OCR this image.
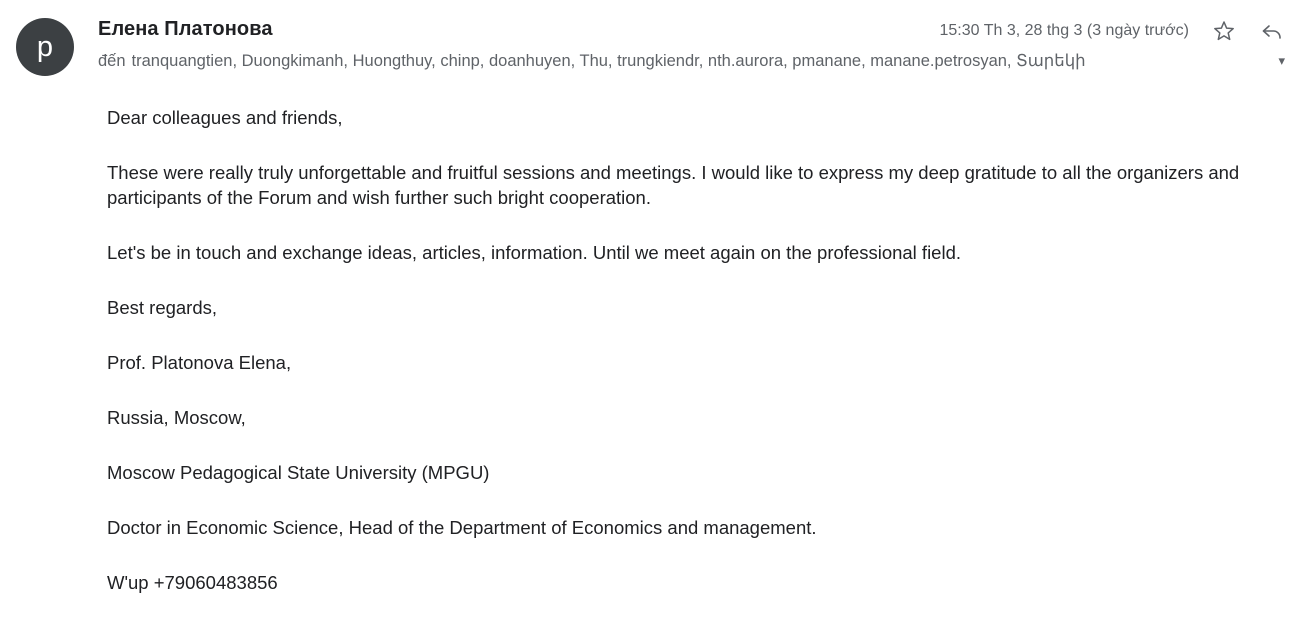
p
Елена Платонова	15:30 Th 3, 28 thg 3 (3 ngày trước)
đến tranquangtien, Duongkimanh, Huongthuy, chinp, doanhuyen, Thu, trungkiendr, nth.aurora, pmanane, manane.petrosyan, Տարեկի	▾

Dear colleagues and friends,

These were really truly unforgettable and fruitful sessions and meetings. I would like to express my deep gratitude to all the organizers and participants of the Forum and wish further such bright cooperation.

Let's be in touch and exchange ideas, articles, information. Until we meet again on the professional field.

Best regards,

Prof. Platonova Elena,

Russia, Moscow,

Moscow Pedagogical State University (MPGU)

Doctor in Economic Science, Head of the Department of Economics and management.

W'up +79060483856
